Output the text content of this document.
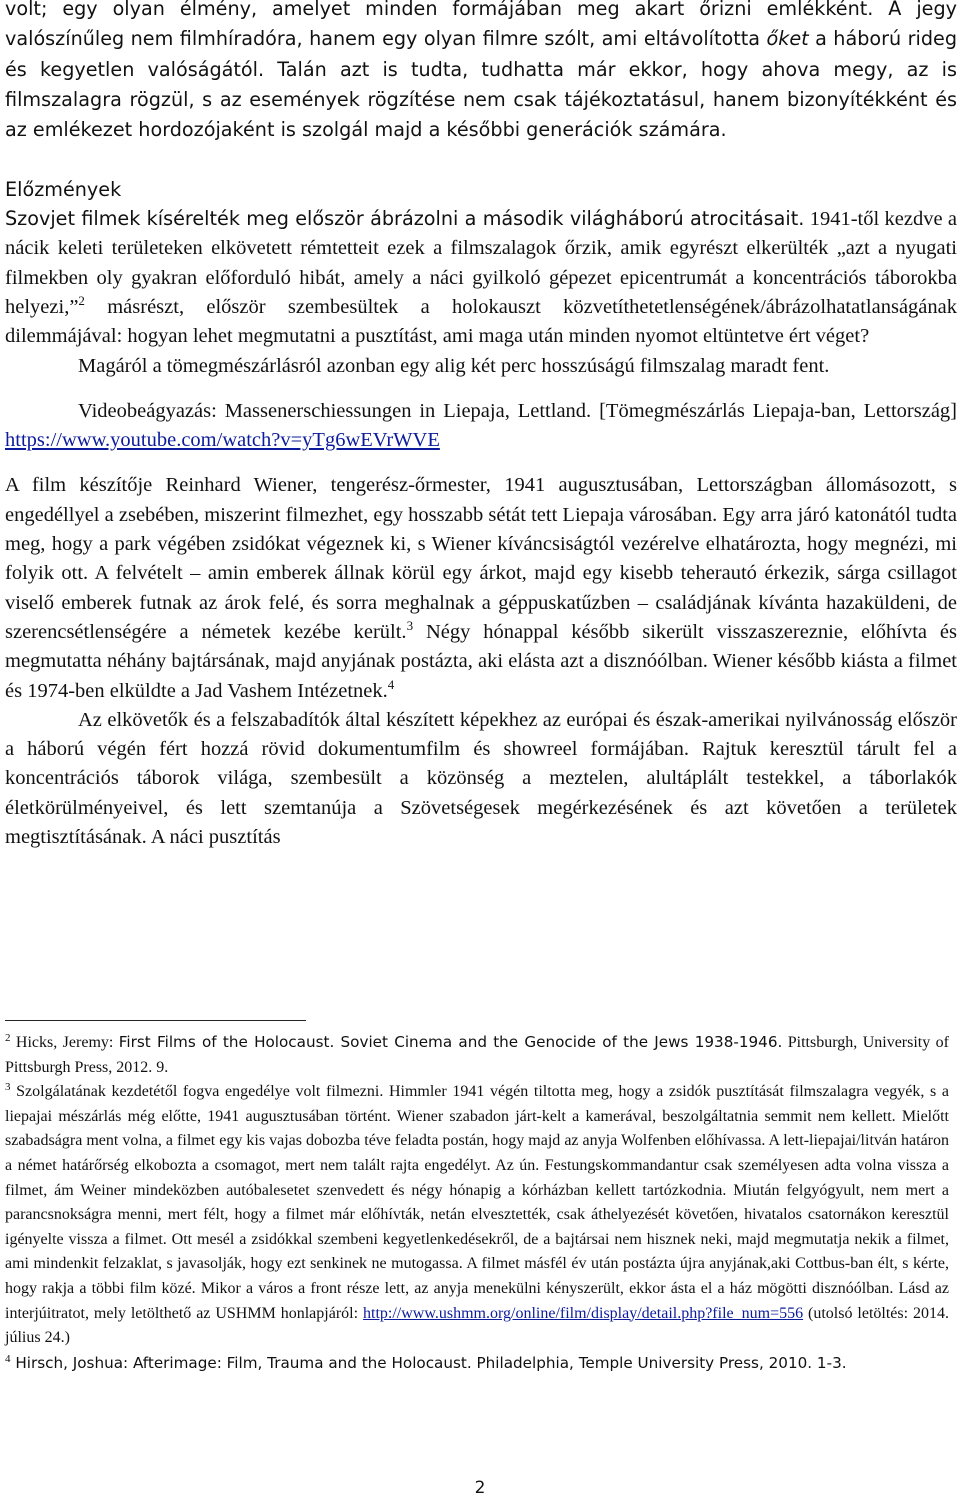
volt; egy olyan élmény, amelyet minden formájában meg akart őrizni emlékként. A jegy valószínűleg nem filmhíradóra, hanem egy olyan filmre szólt, ami eltávolította őket a háború rideg és kegyetlen valóságától. Talán azt is tudta, tudhatta már ekkor, hogy ahova megy, az is filmszalagra rögzül, s az események rögzítése nem csak tájékoztatásul, hanem bizonyítékként és az emlékezet hordozójaként is szolgál majd a későbbi generációk számára.

Előzmények

Szovjet filmek kísérelték meg először ábrázolni a második világháború atrocitásait. 1941-től kezdve a nácik keleti területeken elkövetett rémtetteit ezek a filmszalagok őrzik, amik egyrészt elkerülték „azt a nyugati filmekben oly gyakran előforduló hibát, amely a náci gyilkoló gépezet epicentrumát a koncentrációs táborokba helyezi,”$^2$ másrészt, először szembesültek a holokauszt közvetíthetetlenségének/ábrázolhatatlanságának dilemmájával: hogyan lehet megmutatni a pusztítást, ami maga után minden nyomot eltüntetve ért véget?

Magáról a tömegmészárlásról azonban egy alig két perc hosszúságú filmszalag maradt fent.

Videobeágyazás: Massenerschiessungen in Liepaja, Lettland. [Tömegmészárlás Liepaja-ban, Lettország] https://www.youtube.com/watch?v=yTg6wEVrWVE

A film készítője Reinhard Wiener, tengerész-őrmester, 1941 augusztusában, Lettországban állomásozott, s engedéllyel a zsebében, miszerint filmezhet, egy hosszabb sétát tett Liepaja városában. Egy arra járó katonától tudta meg, hogy a park végében zsidókat végeznek ki, s Wiener kíváncsiságtól vezérelve elhatározta, hogy megnézi, mi folyik ott. A felvételt – amin emberek állnak körül egy árkot, majd egy kisebb teherautó érkezik, sárga csillagot viselő emberek futnak az árok felé, és sorra meghalnak a géppuskatűzben – családjának kívánta hazaküldeni, de szerencsétlenségére a németek kezébe került.$^3$ Négy hónappal később sikerült visszaszereznie, előhívta és megmutatta néhány bajtársának, majd anyjának postázta, aki elásta azt a disznóólban. Wiener később kiásta a filmet és 1974-ben elküldte a Jad Vashem Intézetnek.$^4$

Az elkövetők és a felszabadítók által készített képekhez az európai és észak-amerikai nyilvánosság először a háború végén fért hozzá rövid dokumentumfilm és showreel formájában. Rajtuk keresztül tárult fel a koncentrációs táborok világa, szembesült a közönség a meztelen, alultáplált testekkel, a táborlakók életkörülményeivel, és lett szemtanúja a Szövetségesek megérkezésének és azt követően a területek megtisztításának. A náci pusztítás

$^2$ Hicks, Jeremy: First Films of the Holocaust. Soviet Cinema and the Genocide of the Jews 1938-1946. Pittsburgh, University of Pittsburgh Press, 2012. 9.

$^3$ Szolgálatának kezdetétől fogva engedélye volt filmezni. Himmler 1941 végén tiltotta meg, hogy a zsidók pusztítását filmszalagra vegyék, s a liepajai mészárlás még előtte, 1941 augusztusában történt. Wiener szabadon járt-kelt a kamerával, beszolgáltatnia semmit nem kellett. Mielőtt szabadságra ment volna, a filmet egy kis vajas dobozba téve feladta postán, hogy majd az anyja Wolfenben előhívassa. A lett-liepajai/litván határon a német határőrség elkobozta a csomagot, mert nem talált rajta engedélyt. Az ún. Festungskommandantur csak személyesen adta volna vissza a filmet, ám Weiner mindeközben autóbalesetet szenvedett és négy hónapig a kórházban kellett tartózkodnia. Miután felgyógyult, nem mert a parancsnokságra menni, mert félt, hogy a filmet már előhívták, netán elvesztették, csak áthelyezését követően, hivatalos csatornákon keresztül igényelte vissza a filmet. Ott mesél a zsidókkal szembeni kegyetlenkedésekről, de a bajtársai nem hisznek neki, majd megmutatja nekik a filmet, ami mindenkit felzaklat, s javasolják, hogy ezt senkinek ne mutogassa. A filmet másfél év után postázta újra anyjának,aki Cottbus-ban élt, s kérte, hogy rakja a többi film közé. Mikor a város a front része lett, az anyja menekülni kényszerült, ekkor ásta el a ház mögötti disznóólban. Lásd az interjúitratot, mely letölthető az USHMM honlapjáról: http://www.ushmm.org/online/film/display/detail.php?file_num=556 (utolsó letöltés: 2014. július 24.)

$^4$ Hirsch, Joshua: Afterimage: Film, Trauma and the Holocaust. Philadelphia, Temple University Press, 2010. 1-3.

2
